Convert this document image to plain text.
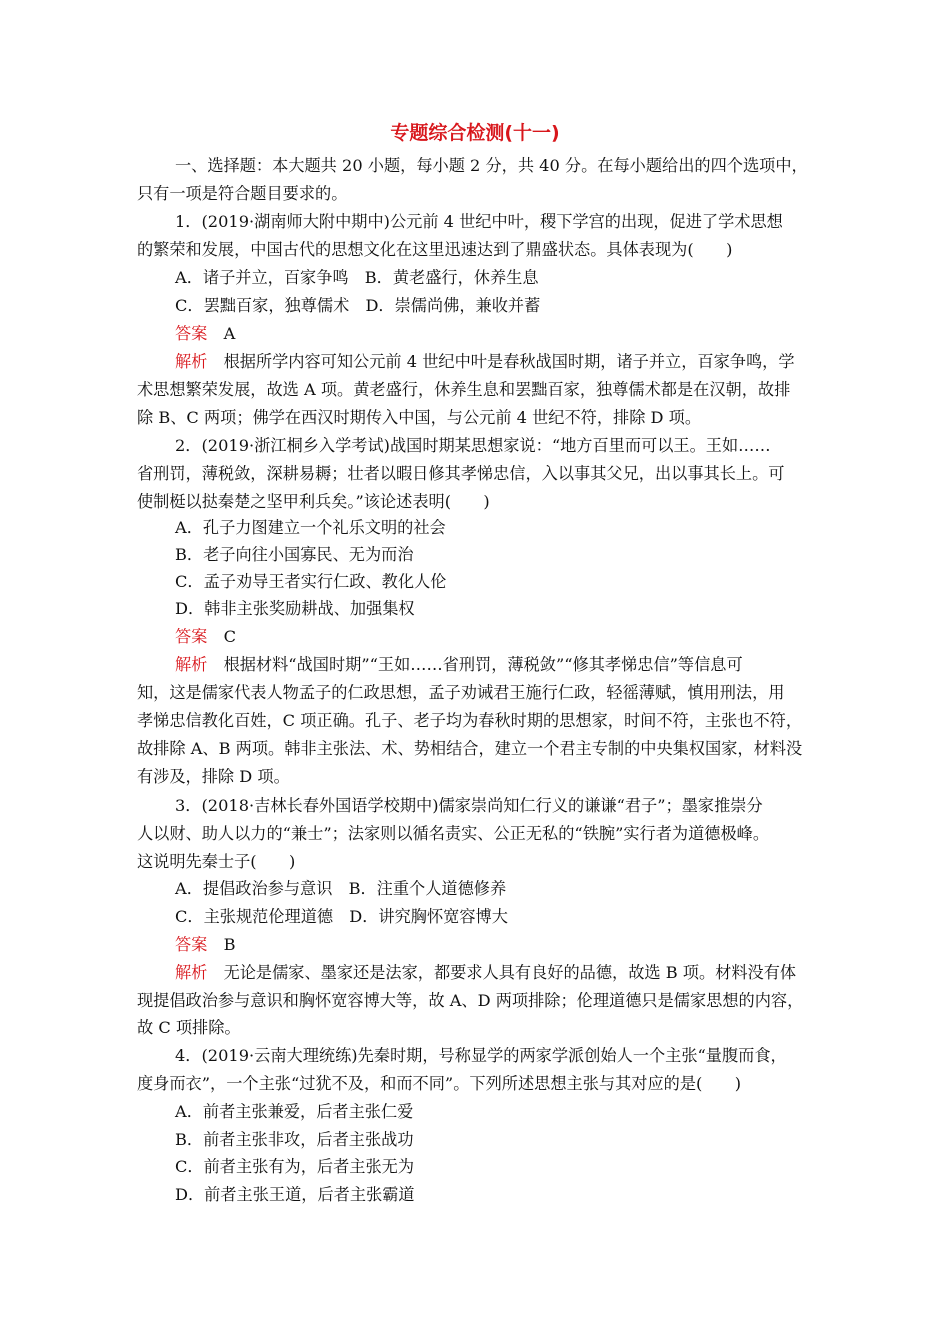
专题综合检测(十一)
一、选择题：本大题共 20 小题，每小题 2 分，共 40 分。在每小题给出的四个选项中，
只有一项是符合题目要求的。
1．(2019·湖南师大附中期中)公元前 4 世纪中叶，稷下学宫的出现，促进了学术思想
的繁荣和发展，中国古代的思想文化在这里迅速达到了鼎盛状态。具体表现为(　　)
A．诸子并立，百家争鸣　B．黄老盛行，休养生息
C．罢黜百家，独尊儒术　D．崇儒尚佛，兼收并蓄
答案　 A
解析　 根据所学内容可知公元前 4 世纪中叶是春秋战国时期，诸子并立，百家争鸣，学
术思想繁荣发展，故选 A 项。黄老盛行，休养生息和罢黜百家，独尊儒术都是在汉朝，故排
除 B、C 两项；佛学在西汉时期传入中国，与公元前 4 世纪不符，排除 D 项。
2．(2019·浙江桐乡入学考试)战国时期某思想家说：“地方百里而可以王。王如……
省刑罚，薄税敛，深耕易耨；壮者以暇日修其孝悌忠信，入以事其父兄，出以事其长上。可
使制梃以挞秦楚之坚甲利兵矣。”该论述表明(　　)
A．孔子力图建立一个礼乐文明的社会
B．老子向往小国寡民、无为而治
C．孟子劝导王者实行仁政、教化人伦
D．韩非主张奖励耕战、加强集权
答案　 C
解析　 根据材料“战国时期”“王如……省刑罚，薄税敛”“修其孝悌忠信”等信息可
知，这是儒家代表人物孟子的仁政思想，孟子劝诫君王施行仁政，轻徭薄赋，慎用刑法，用
孝悌忠信教化百姓，C 项正确。孔子、老子均为春秋时期的思想家，时间不符，主张也不符，
故排除 A、B 两项。韩非主张法、术、势相结合，建立一个君主专制的中央集权国家，材料没
有涉及，排除 D 项。
3．(2018·吉林长春外国语学校期中)儒家崇尚知仁行义的谦谦“君子”；墨家推崇分
人以财、助人以力的“兼士”；法家则以循名责实、公正无私的“铁腕”实行者为道德极峰。
这说明先秦士子(　　)
A．提倡政治参与意识　B．注重个人道德修养
C．主张规范伦理道德　D．讲究胸怀宽容博大
答案　 B
解析　 无论是儒家、墨家还是法家，都要求人具有良好的品德，故选 B 项。材料没有体
现提倡政治参与意识和胸怀宽容博大等，故 A、D 两项排除；伦理道德只是儒家思想的内容，
故 C 项排除。
4．(2019·云南大理统练)先秦时期，号称显学的两家学派创始人一个主张“量腹而食，
度身而衣”，一个主张“过犹不及，和而不同”。下列所述思想主张与其对应的是(　　)
A．前者主张兼爱，后者主张仁爱
B．前者主张非攻，后者主张战功
C．前者主张有为，后者主张无为
D．前者主张王道，后者主张霸道
